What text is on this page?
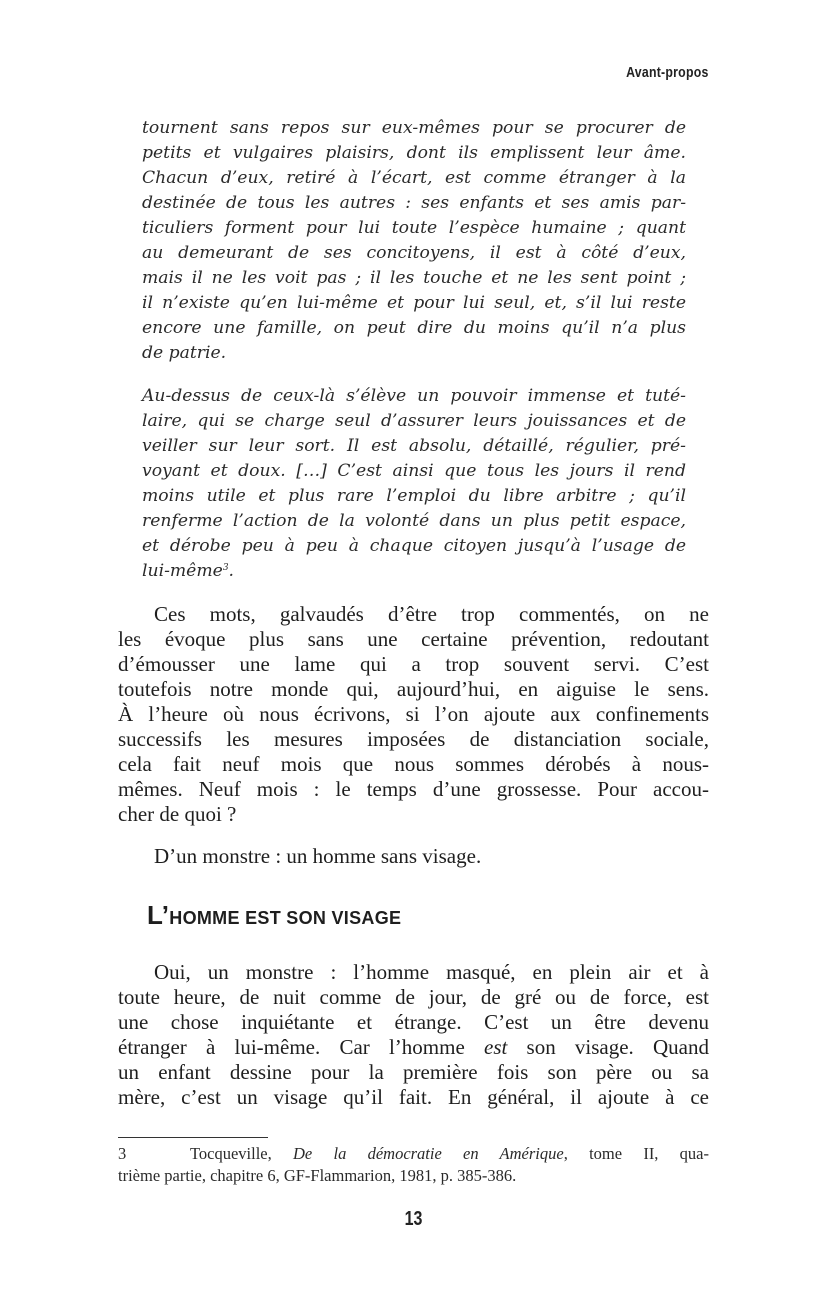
Avant-propos
tournent sans repos sur eux-mêmes pour se procurer de
petits et vulgaires plaisirs, dont ils emplissent leur âme.
Chacun d’eux, retiré à l’écart, est comme étranger à la
destinée de tous les autres : ses enfants et ses amis par-
ticuliers forment pour lui toute l’espèce humaine ; quant
au demeurant de ses concitoyens, il est à côté d’eux,
mais il ne les voit pas ; il les touche et ne les sent point ;
il n’existe qu’en lui-même et pour lui seul, et, s’il lui reste
encore une famille, on peut dire du moins qu’il n’a plus
de patrie.
Au-dessus de ceux-là s’élève un pouvoir immense et tuté-
laire, qui se charge seul d’assurer leurs jouissances et de
veiller sur leur sort. Il est absolu, détaillé, régulier, pré-
voyant et doux. […] C’est ainsi que tous les jours il rend
moins utile et plus rare l’emploi du libre arbitre ; qu’il
renferme l’action de la volonté dans un plus petit espace,
et dérobe peu à peu à chaque citoyen jusqu’à l’usage de
lui-même$^3$.
Ces mots, galvaudés d’être trop commentés, on ne
les évoque plus sans une certaine prévention, redoutant
d’émousser une lame qui a trop souvent servi. C’est
toutefois notre monde qui, aujourd’hui, en aiguise le sens.
À l’heure où nous écrivons, si l’on ajoute aux confinements
successifs les mesures imposées de distanciation sociale,
cela fait neuf mois que nous sommes dérobés à nous-
mêmes. Neuf mois : le temps d’une grossesse. Pour accou-
cher de quoi ?

D’un monstre : un homme sans visage.

L’HOMME EST SON VISAGE
Oui, un monstre : l’homme masqué, en plein air et à
toute heure, de nuit comme de jour, de gré ou de force, est
une chose inquiétante et étrange. C’est un être devenu
étranger à lui-même. Car l’homme est son visage. Quand
un enfant dessine pour la première fois son père ou sa
mère, c’est un visage qu’il fait. En général, il ajoute à ce
3	Tocqueville, De la démocratie en Amérique, tome II, qua-
trième partie, chapitre 6, GF-Flammarion, 1981, p. 385-386.
13
